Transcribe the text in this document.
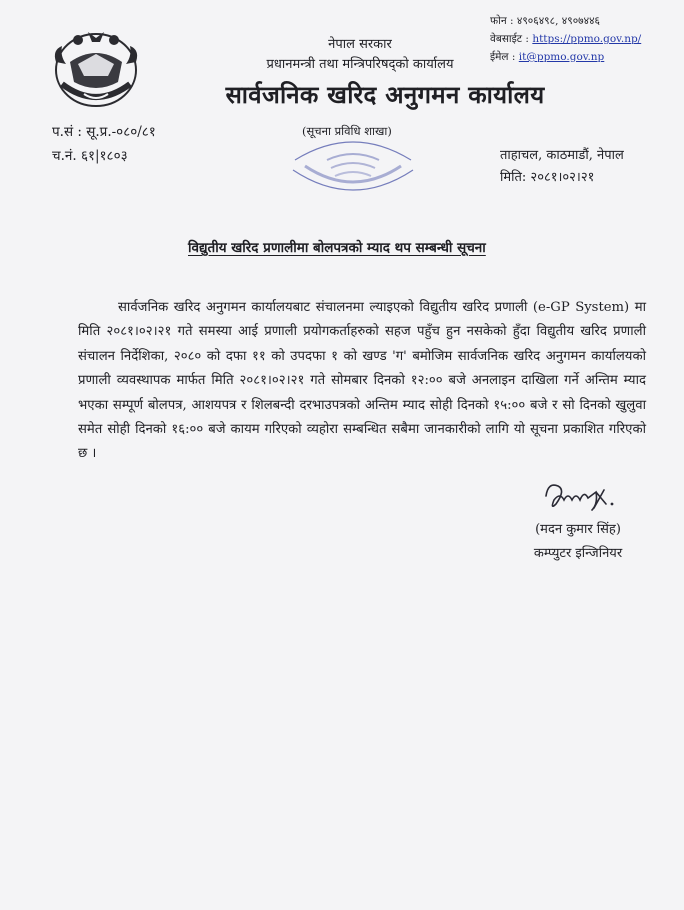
नेपाल सरकार
प्रधानमन्त्री तथा मन्त्रिपरिषद्को कार्यालय
सार्वजनिक खरिद अनुगमन कार्यालय
फोन : ४९०६४९८, ४९०७४४६
वेबसाईट : https://ppmo.gov.np/
ईमेल : it@ppmo.gov.np
प.सं : सू.प्र.-०८०/८१
च.नं. ६१|१८०३
(सूचना प्रविधि शाखा)
ताहाचल, काठमाडौं, नेपाल
मिति: २०८१।०२।२१
विद्युतीय खरिद प्रणालीमा बोलपत्रको म्याद थप सम्बन्धी सूचना
सार्वजनिक खरिद अनुगमन कार्यालयबाट संचालनमा ल्याइएको विद्युतीय खरिद प्रणाली (e-GP System) मा मिति २०८१।०२।२१ गते समस्या आई प्रणाली प्रयोगकर्ताहरुको सहज पहुँच हुन नसकेको हुँदा विद्युतीय खरिद प्रणाली संचालन निर्देशिका, २०८० को दफा ११ को उपदफा १ को खण्ड 'ग' बमोजिम सार्वजनिक खरिद अनुगमन कार्यालयको प्रणाली व्यवस्थापक मार्फत मिति २०८१।०२।२१ गते सोमबार दिनको १२:०० बजे अनलाइन दाखिला गर्ने अन्तिम म्याद भएका सम्पूर्ण बोलपत्र, आशयपत्र र शिलबन्दी दरभाउपत्रको अन्तिम म्याद सोही दिनको १५:०० बजे र सो दिनको खुलुवा समेत सोही दिनको १६:०० बजे कायम गरिएको व्यहोरा सम्बन्धित सबैमा जानकारीको लागि यो सूचना प्रकाशित गरिएको छ ।
(मदन कुमार सिंह)
कम्प्युटर इन्जिनियर
